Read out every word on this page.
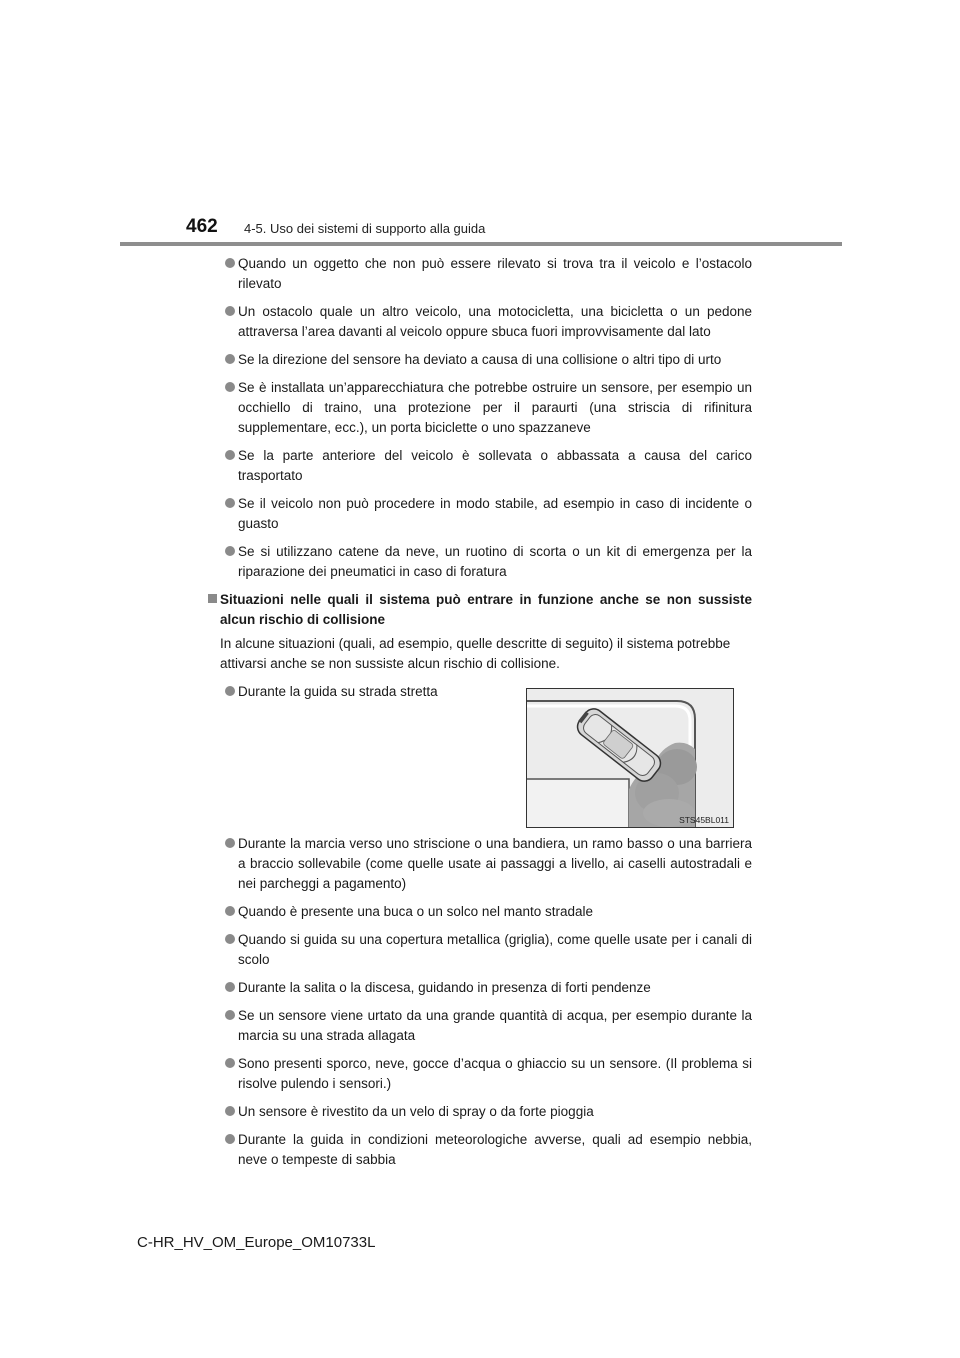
462 4-5. Uso dei sistemi di supporto alla guida
Quando un oggetto che non può essere rilevato si trova tra il veicolo e l’ostacolo rilevato
Un ostacolo quale un altro veicolo, una motocicletta, una bicicletta o un pedone attraversa l’area davanti al veicolo oppure sbuca fuori improvvisamente dal lato
Se la direzione del sensore ha deviato a causa di una collisione o altri tipo di urto
Se è installata un’apparecchiatura che potrebbe ostruire un sensore, per esempio un occhiello di traino, una protezione per il paraurti (una striscia di rifinitura supplementare, ecc.), un porta biciclette o uno spazzaneve
Se la parte anteriore del veicolo è sollevata o abbassata a causa del carico trasportato
Se il veicolo non può procedere in modo stabile, ad esempio in caso di incidente o guasto
Se si utilizzano catene da neve, un ruotino di scorta o un kit di emergenza per la riparazione dei pneumatici in caso di foratura
Situazioni nelle quali il sistema può entrare in funzione anche se non sussiste alcun rischio di collisione
In alcune situazioni (quali, ad esempio, quelle descritte di seguito) il sistema potrebbe attivarsi anche se non sussiste alcun rischio di collisione.
Durante la guida su strada stretta
STS45BL011
Durante la marcia verso uno striscione o una bandiera, un ramo basso o una barriera a braccio sollevabile (come quelle usate ai passaggi a livello, ai caselli autostradali e nei parcheggi a pagamento)
Quando è presente una buca o un solco nel manto stradale
Quando si guida su una copertura metallica (griglia), come quelle usate per i canali di scolo
Durante la salita o la discesa, guidando in presenza di forti pendenze
Se un sensore viene urtato da una grande quantità di acqua, per esempio durante la marcia su una strada allagata
Sono presenti sporco, neve, gocce d’acqua o ghiaccio su un sensore. (Il problema si risolve pulendo i sensori.)
Un sensore è rivestito da un velo di spray o da forte pioggia
Durante la guida in condizioni meteorologiche avverse, quali ad esempio nebbia, neve o tempeste di sabbia
C-HR_HV_OM_Europe_OM10733L
